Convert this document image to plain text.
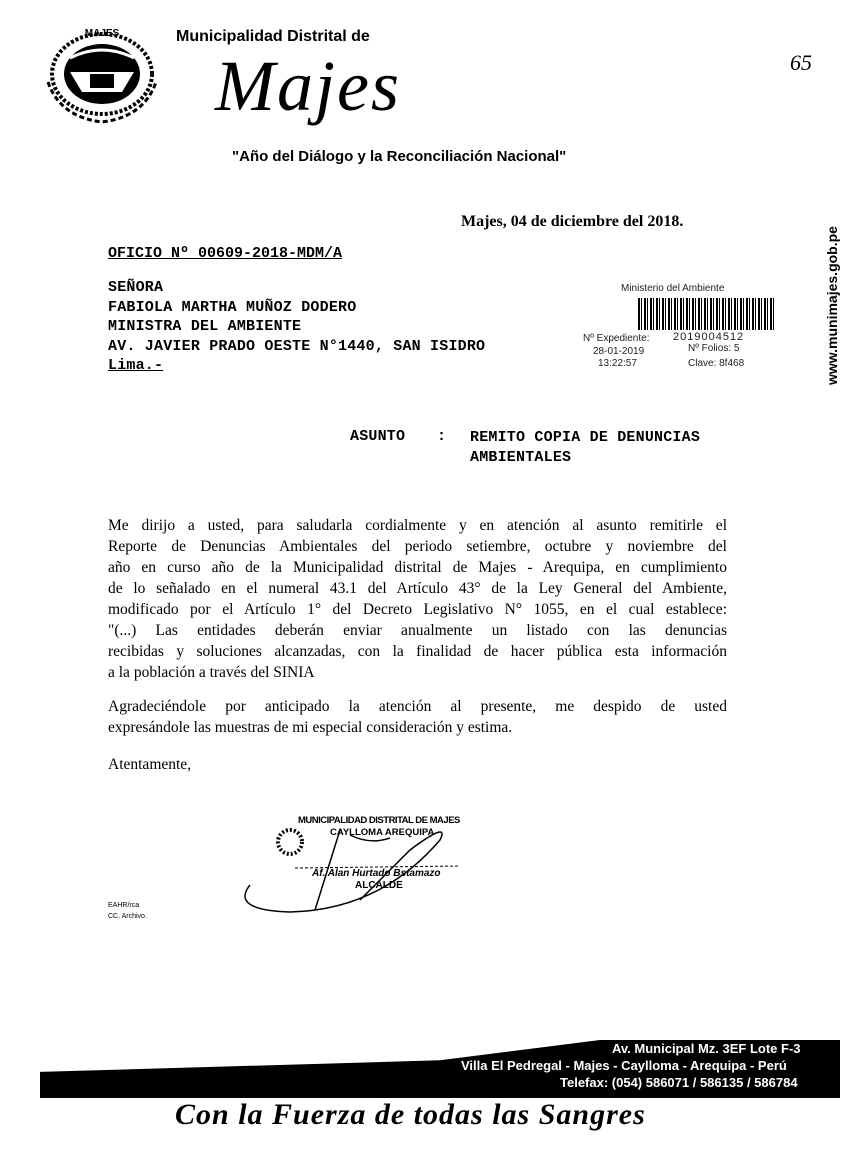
MAJES	Municipalidad Distrital de
Majes
"Año del Diálogo y la Reconciliación Nacional"
65
www.munimajes.gob.pe
Majes, 04 de diciembre del 2018.
OFICIO Nº 00609-2018-MDM/A
SEÑORA
FABIOLA MARTHA MUÑOZ DODERO
MINISTRA DEL AMBIENTE
AV. JAVIER PRADO OESTE N°1440, SAN ISIDRO
Lima.-
Ministerio del Ambiente
Nº Expediente: 2019004512
28-01-2019
13:22:57
Nº Folios: 5
Clave: 8f468
ASUNTO : REMITO COPIA DE DENUNCIAS
AMBIENTALES
Me dirijo a usted, para saludarla cordialmente y en atención al asunto remitirle el
Reporte de Denuncias Ambientales del periodo setiembre, octubre y noviembre del
año en curso año de la Municipalidad distrital de Majes - Arequipa, en cumplimiento
de lo señalado en el numeral 43.1 del Artículo 43° de la Ley General del Ambiente,
modificado por el Artículo 1° del Decreto Legislativo N° 1055, en el cual establece:
"(...) Las entidades deberán enviar anualmente un listado con las denuncias
recibidas y soluciones alcanzadas, con la finalidad de hacer pública esta información
a la población a través del SINIA
Agradeciéndole por anticipado la atención al presente, me despido de usted
expresándole las muestras de mi especial consideración y estima.
Atentamente,
MUNICIPALIDAD DISTRITAL DE MAJES
CAYLLOMA AREQUIPA
Af. Alan Hurtado Bstamazo
ALCALDE
EAHR/rca
CC. Archivo.
Av. Municipal Mz. 3EF Lote F-3
Villa El Pedregal - Majes - Caylloma - Arequipa - Perú
Telefax: (054) 586071 / 586135 / 586784
Con la Fuerza de todas las Sangres
